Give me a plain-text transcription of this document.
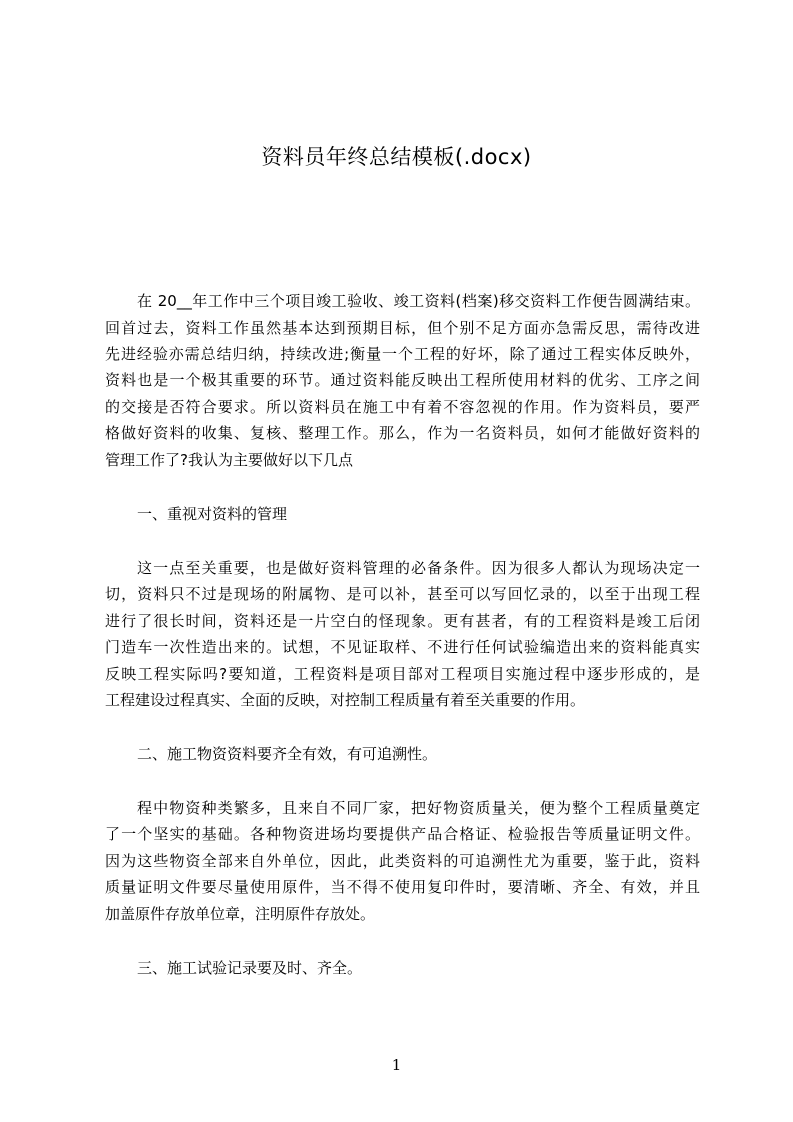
资料员年终总结模板(.docx)
在 20__年工作中三个项目竣工验收、竣工资料(档案)移交资料工作便告圆满结束。
回首过去，资料工作虽然基本达到预期目标，但个别不足方面亦急需反思，需待改进
先进经验亦需总结归纳，持续改进;衡量一个工程的好坏，除了通过工程实体反映外，
资料也是一个极其重要的环节。通过资料能反映出工程所使用材料的优劣、工序之间
的交接是否符合要求。所以资料员在施工中有着不容忽视的作用。作为资料员，要严
格做好资料的收集、复核、整理工作。那么，作为一名资料员，如何才能做好资料的
管理工作了?我认为主要做好以下几点
一、重视对资料的管理
这一点至关重要，也是做好资料管理的必备条件。因为很多人都认为现场决定一
切，资料只不过是现场的附属物、是可以补，甚至可以写回忆录的，以至于出现工程
进行了很长时间，资料还是一片空白的怪现象。更有甚者，有的工程资料是竣工后闭
门造车一次性造出来的。试想，不见证取样、不进行任何试验编造出来的资料能真实
反映工程实际吗?要知道，工程资料是项目部对工程项目实施过程中逐步形成的，是
工程建设过程真实、全面的反映，对控制工程质量有着至关重要的作用。
二、施工物资资料要齐全有效，有可追溯性。
程中物资种类繁多，且来自不同厂家，把好物资质量关，便为整个工程质量奠定
了一个坚实的基础。各种物资进场均要提供产品合格证、检验报告等质量证明文件。
因为这些物资全部来自外单位，因此，此类资料的可追溯性尤为重要，鉴于此，资料
质量证明文件要尽量使用原件，当不得不使用复印件时，要清晰、齐全、有效，并且
加盖原件存放单位章，注明原件存放处。
三、施工试验记录要及时、齐全。
1
